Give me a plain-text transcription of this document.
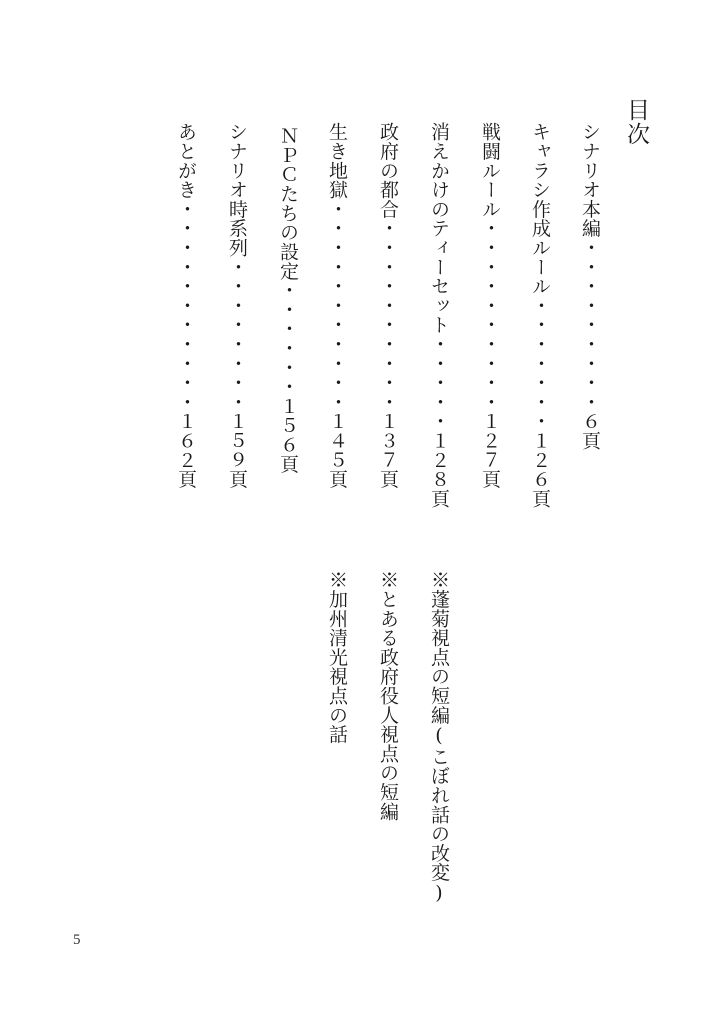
目次
シナリオ本編・・・・・・・・・６頁
キャラシ作成ルール・・・・・・・１２６頁
戦闘ルール・・・・・・・・・・１２７頁
消えかけのティーセット・・・・・１２８頁
政府の都合・・・・・・・・・・１３７頁
生き地獄・・・・・・・・・・・１４５頁
ＮＰＣたちの設定・・・・・・１５６頁
シナリオ時系列・・・・・・・・１５９頁
あとがき・・・・・・・・・・・１６２頁
※蓬菊視点の短編(こぼれ話の改変)
※とある政府役人視点の短編
※加州清光視点の話
5
